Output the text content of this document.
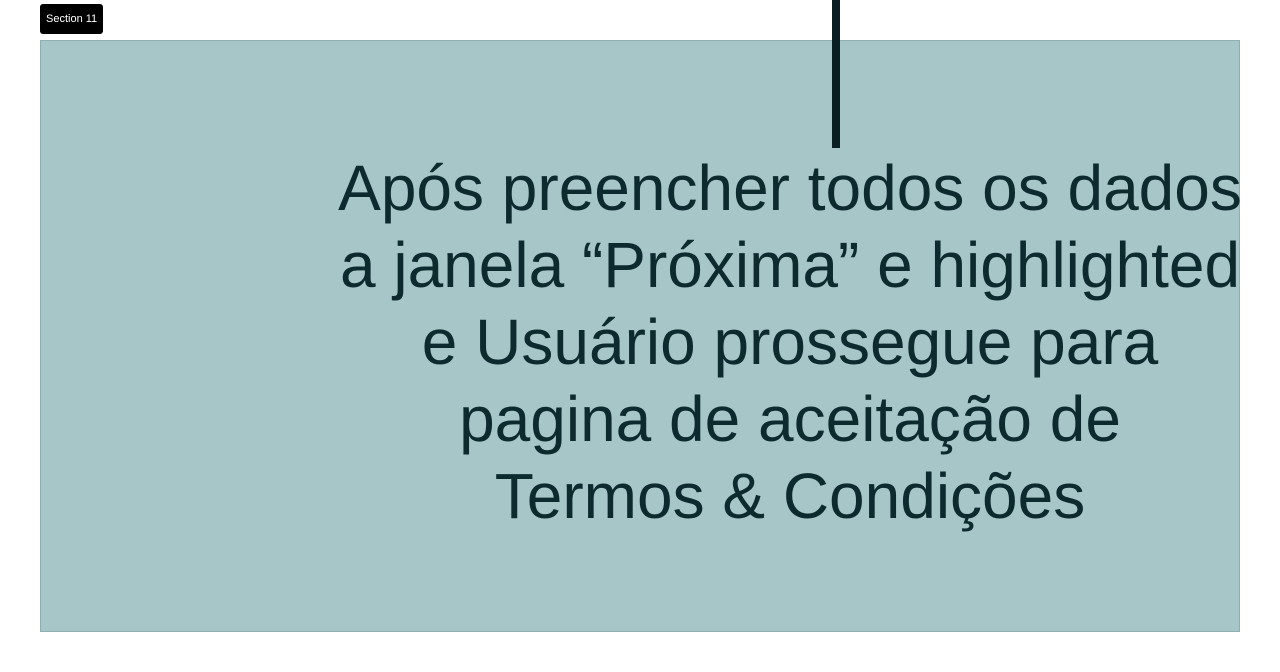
Section 11

Após preencher todos os dados
a janela “Próxima” e highlighted
e Usuário prossegue para
pagina de aceitação de
Termos & Condições
